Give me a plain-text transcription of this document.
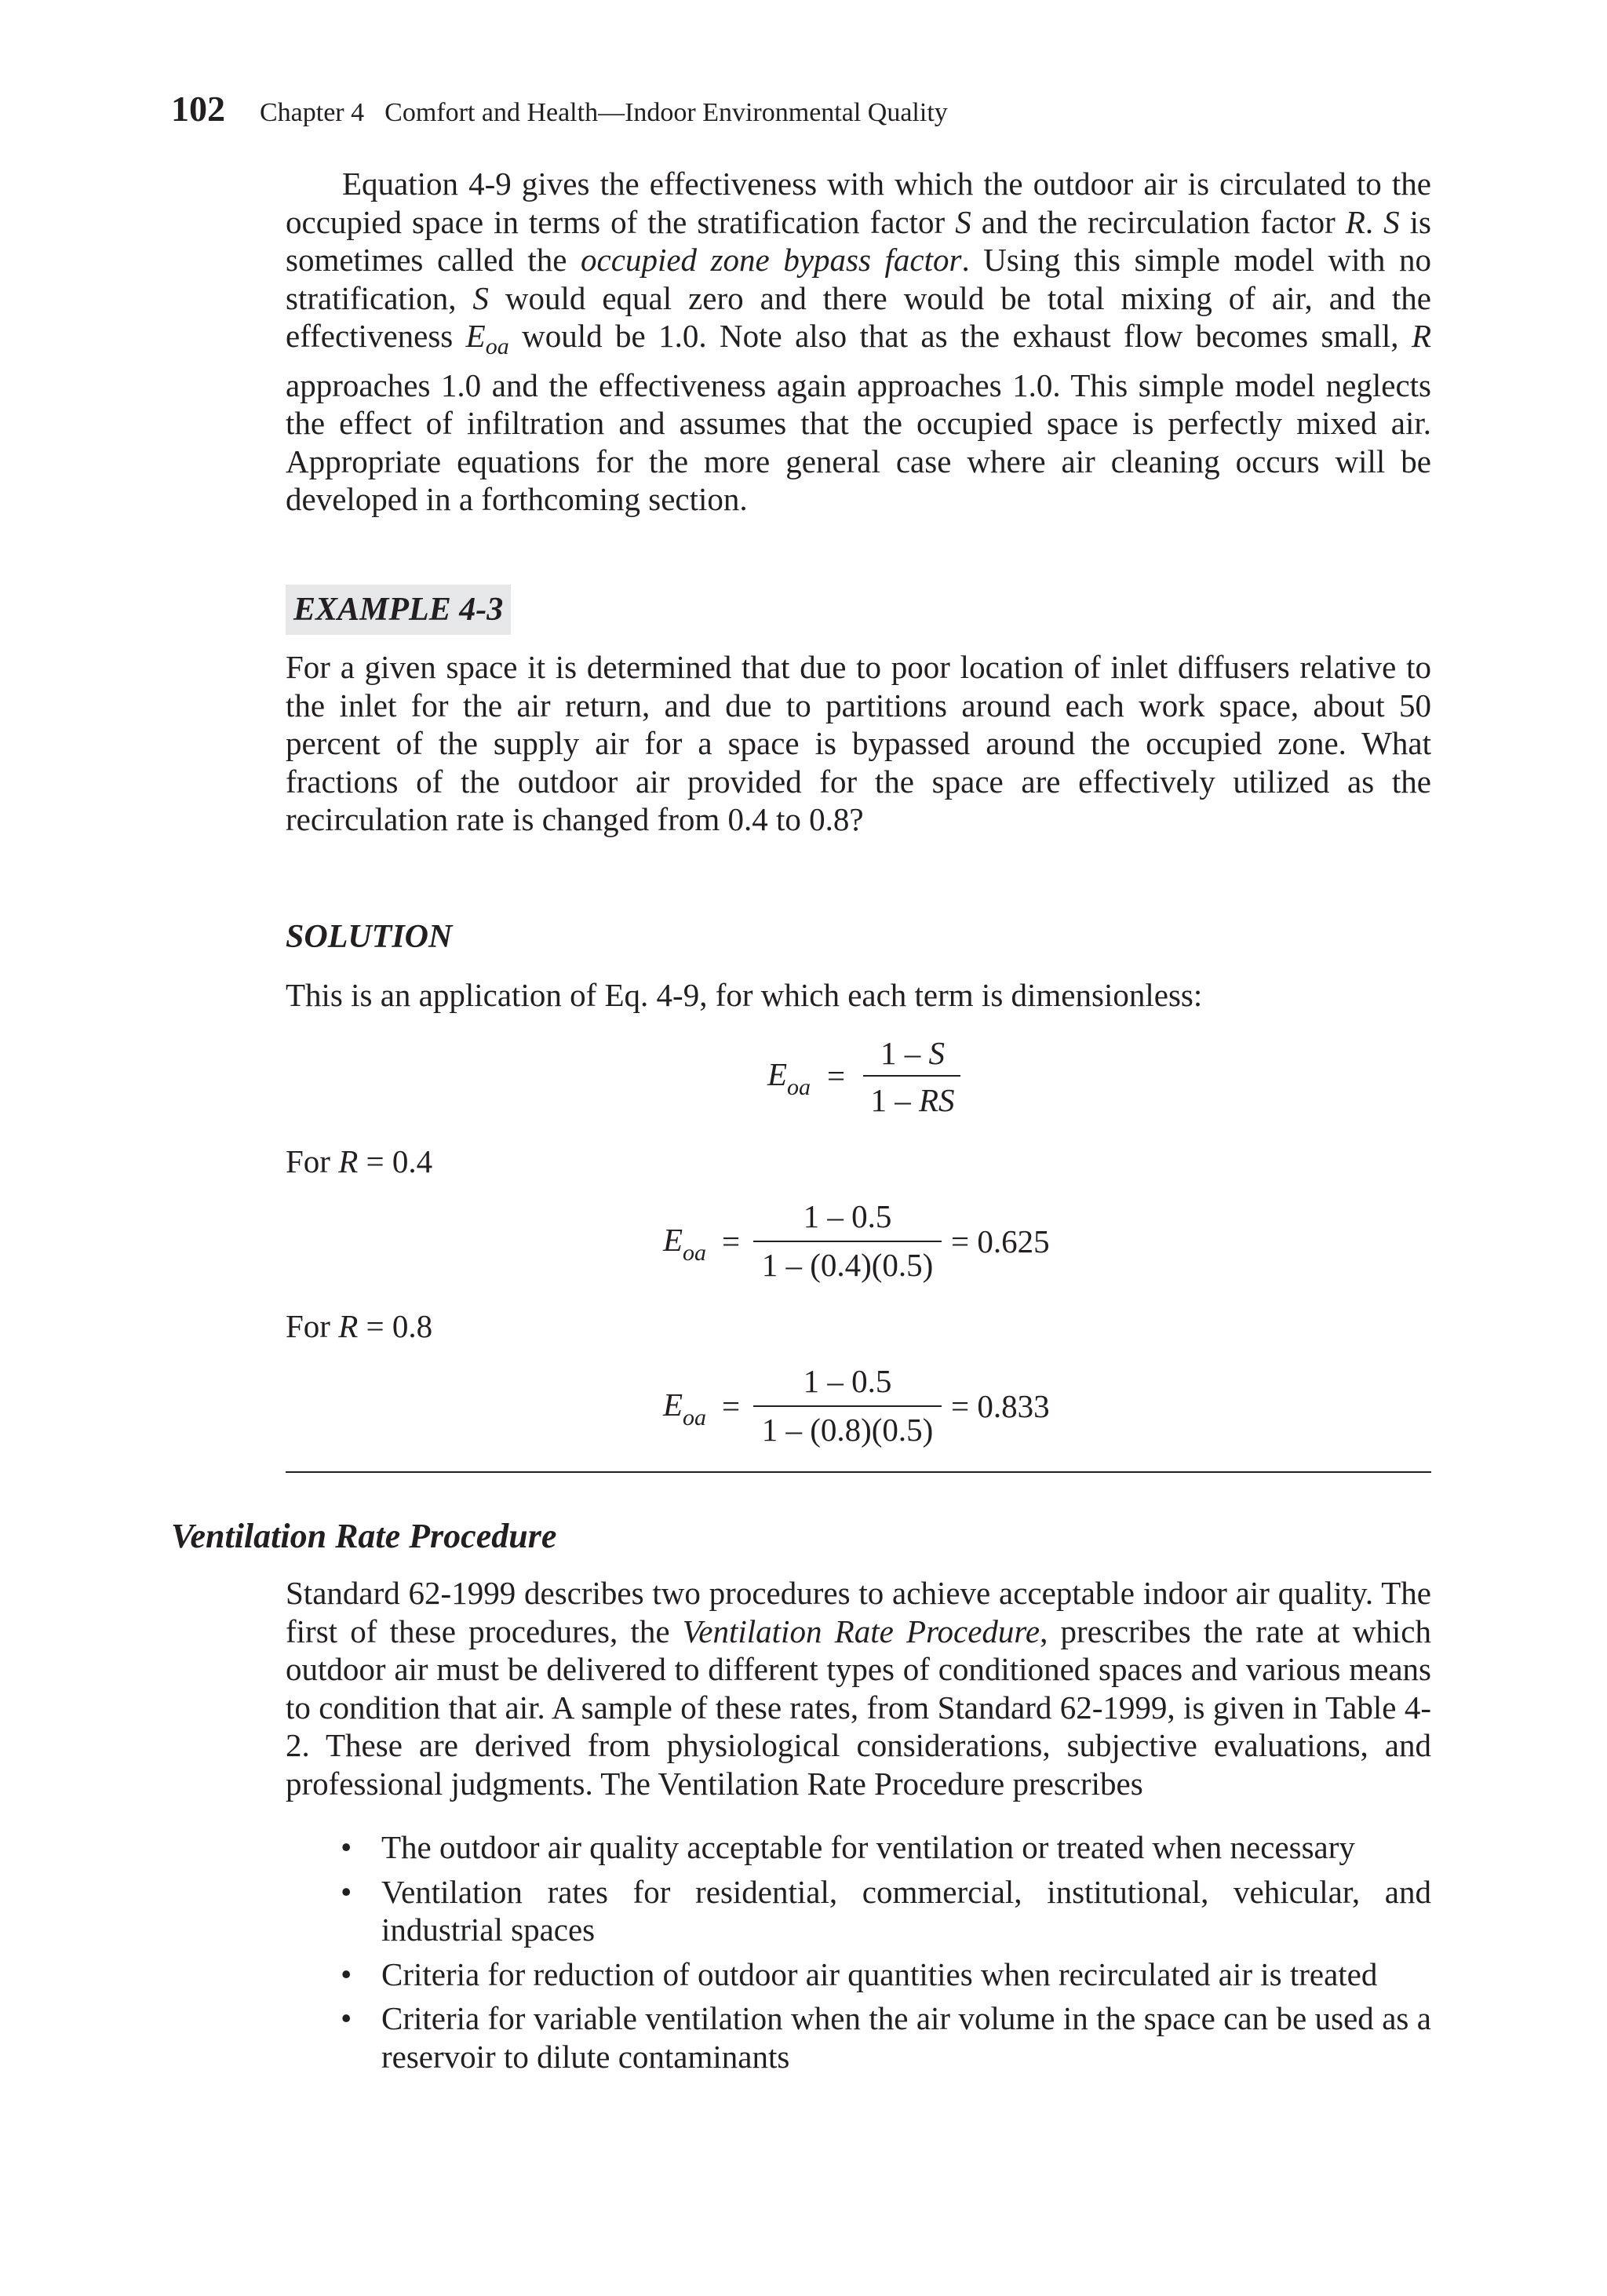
102 Chapter 4 Comfort and Health—Indoor Environmental Quality

Equation 4-9 gives the effectiveness with which the outdoor air is circulated to the occupied space in terms of the stratification factor S and the recirculation factor R. S is sometimes called the occupied zone bypass factor. Using this simple model with no stratification, S would equal zero and there would be total mixing of air, and the effectiveness $E_{oa}$ would be 1.0. Note also that as the exhaust flow becomes small, R approaches 1.0 and the effectiveness again approaches 1.0. This simple model neglects the effect of infiltration and assumes that the occupied space is perfectly mixed air. Appropriate equations for the more general case where air cleaning occurs will be developed in a forthcoming section.

EXAMPLE 4-3

For a given space it is determined that due to poor location of inlet diffusers relative to the inlet for the air return, and due to partitions around each work space, about 50 percent of the supply air for a space is bypassed around the occupied zone. What fractions of the outdoor air provided for the space are effectively utilized as the recirculation rate is changed from 0.4 to 0.8?

SOLUTION

This is an application of Eq. 4-9, for which each term is dimensionless:

$E_{oa}$ =
1 – S
1 – RS
For R = 0.4
$E_{oa}$ =
1 – 0.5
1 – (0.4)(0.5)
= 0.625
For R = 0.8
$E_{oa}$ =
1 – 0.5
1 – (0.8)(0.5)
= 0.833
Ventilation Rate Procedure

Standard 62-1999 describes two procedures to achieve acceptable indoor air quality. The first of these procedures, the Ventilation Rate Procedure, prescribes the rate at which outdoor air must be delivered to different types of conditioned spaces and various means to condition that air. A sample of these rates, from Standard 62-1999, is given in Table 4-2. These are derived from physiological considerations, subjective evaluations, and professional judgments. The Ventilation Rate Procedure prescribes

• The outdoor air quality acceptable for ventilation or treated when necessary
• Ventilation rates for residential, commercial, institutional, vehicular, and industrial spaces
• Criteria for reduction of outdoor air quantities when recirculated air is treated
• Criteria for variable ventilation when the air volume in the space can be used as a reservoir to dilute contaminants
